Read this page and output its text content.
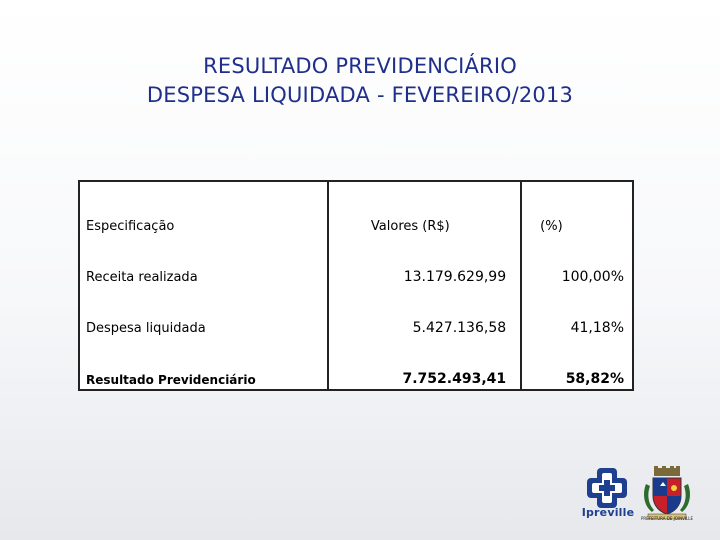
RESULTADO PREVIDENCIÁRIO
DESPESA LIQUIDADA - FEVEREIRO/2013
Especificação	Valores (R$)	(%)
Receita realizada	13.179.629,99	100,00%
Despesa liquidada	5.427.136,58	41,18%
Resultado Previdenciário	7.752.493,41	58,82%
Ipreville	PREFEITURA DE JOINVILLE
